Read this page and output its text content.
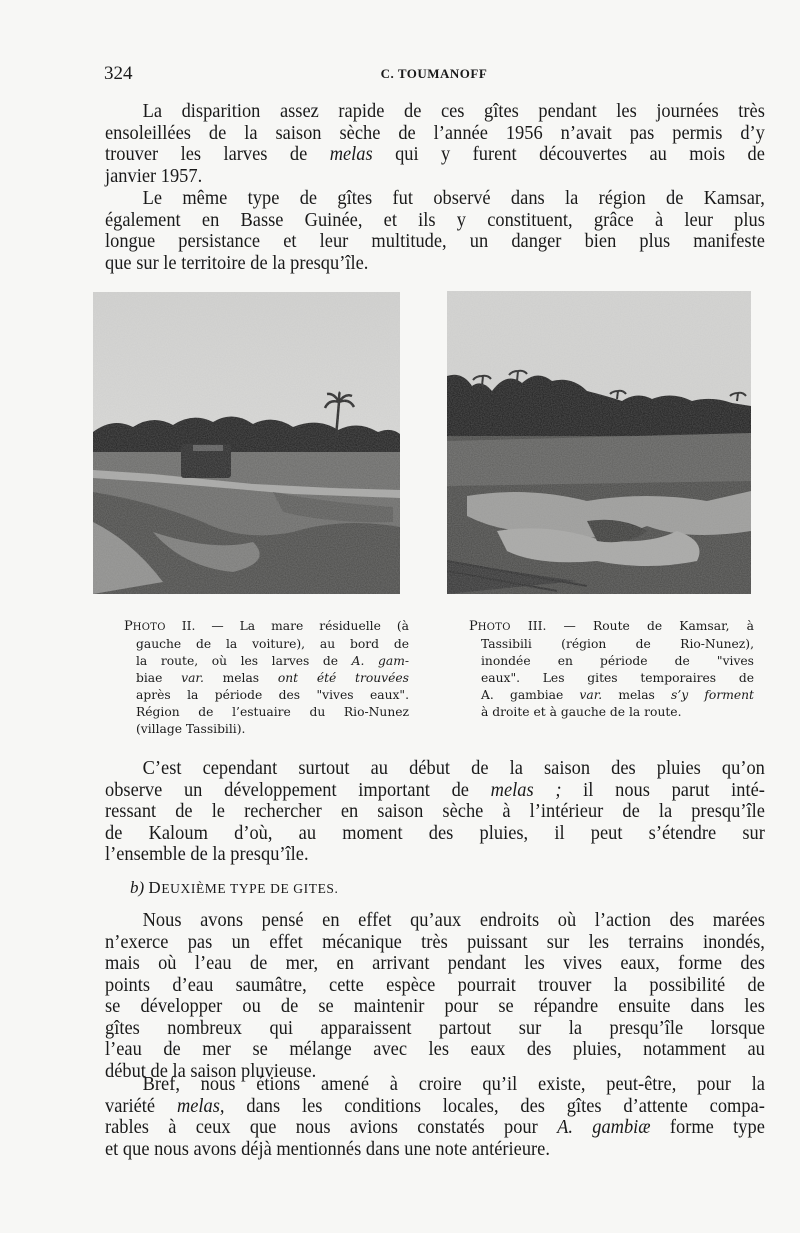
324	C. TOUMANOFF
La disparition assez rapide de ces gîtes pendant les journées très
ensoleillées de la saison sèche de l’année 1956 n’avait pas permis d’y
trouver les larves de melas qui y furent découvertes au mois de
janvier 1957.
Le même type de gîtes fut observé dans la région de Kamsar,
également en Basse Guinée, et ils y constituent, grâce à leur plus
longue persistance et leur multitude, un danger bien plus manifeste
que sur le territoire de la presqu’île.
PHOTO II. — La mare résiduelle (à
gauche de la voiture), au bord de
la route, où les larves de A. gam-
biae var. melas ont été trouvées
après la période des "vives eaux".
Région de l’estuaire du Rio-Nunez
(village Tassibili).
PHOTO III. — Route de Kamsar, à
Tassibili (région de Rio-Nunez),
inondée en période de "vives
eaux". Les gites temporaires de
A. gambiae var. melas s’y forment
à droite et à gauche de la route.
C’est cependant surtout au début de la saison des pluies qu’on
observe un développement important de melas ; il nous parut inté-
ressant de le rechercher en saison sèche à l’intérieur de la presqu’île
de Kaloum d’où, au moment des pluies, il peut s’étendre sur
l’ensemble de la presqu’île.
b) DEUXIÈME TYPE DE GITES.
Nous avons pensé en effet qu’aux endroits où l’action des marées
n’exerce pas un effet mécanique très puissant sur les terrains inondés,
mais où l’eau de mer, en arrivant pendant les vives eaux, forme des
points d’eau saumâtre, cette espèce pourrait trouver la possibilité de
se développer ou de se maintenir pour se répandre ensuite dans les
gîtes nombreux qui apparaissent partout sur la presqu’île lorsque
l’eau de mer se mélange avec les eaux des pluies, notamment au
début de la saison pluvieuse.
Bref, nous étions amené à croire qu’il existe, peut-être, pour la
variété melas, dans les conditions locales, des gîtes d’attente compa-
rables à ceux que nous avions constatés pour A. gambiæ forme type
et que nous avons déjà mentionnés dans une note antérieure.
